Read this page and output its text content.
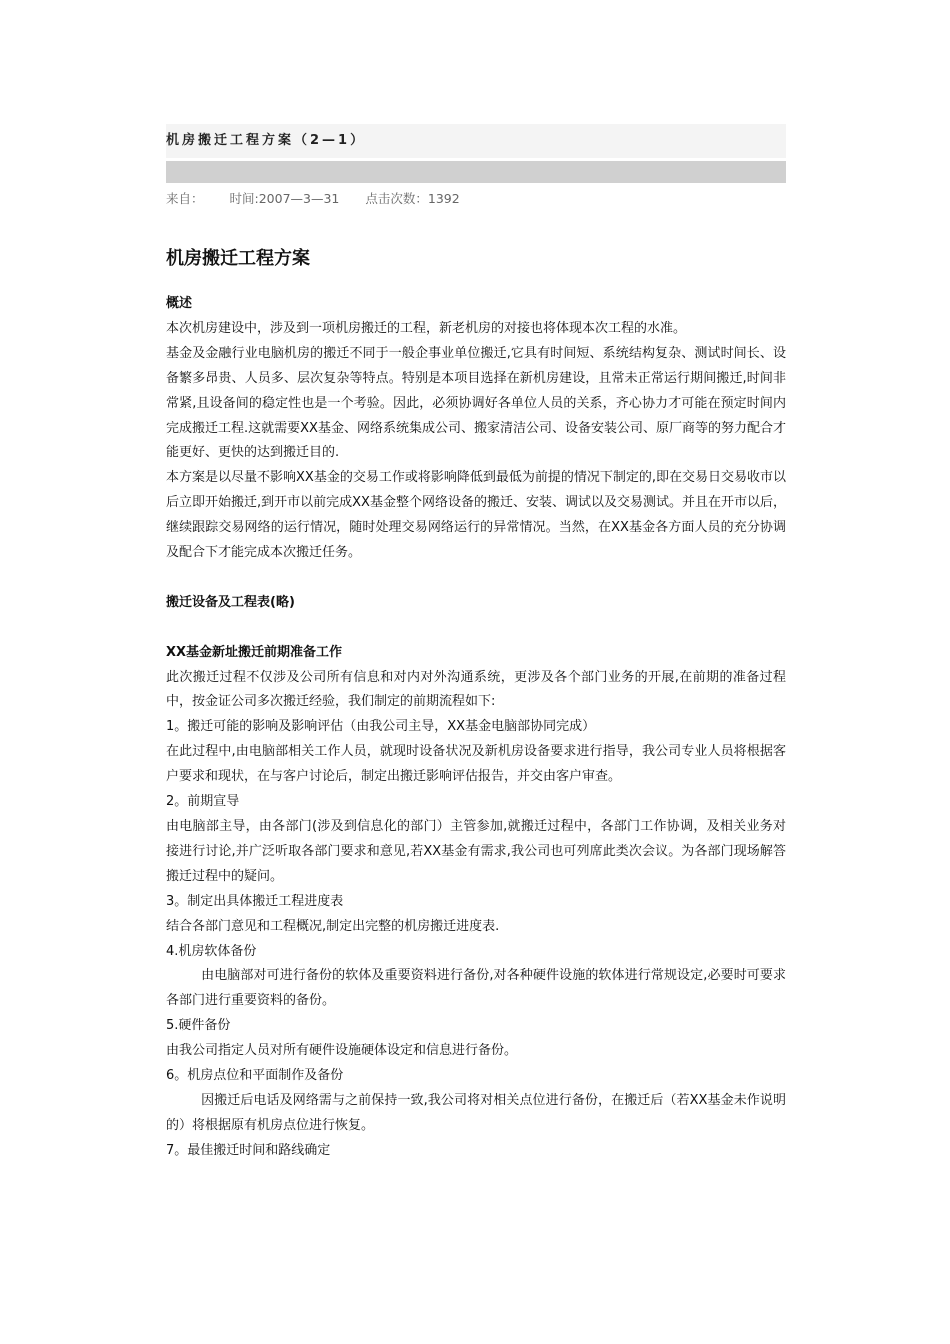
机房搬迁工程方案（2—1）
来自： 时间:2007—3—31 点击次数：1392
机房搬迁工程方案

概述

本次机房建设中，涉及到一项机房搬迁的工程，新老机房的对接也将体现本次工程的水准。

基金及金融行业电脑机房的搬迁不同于一般企事业单位搬迁,它具有时间短、系统结构复杂、测试时间长、设备繁多昂贵、人员多、层次复杂等特点。特别是本项目选择在新机房建设，且常未正常运行期间搬迁,时间非常紧,且设备间的稳定性也是一个考验。因此，必须协调好各单位人员的关系，齐心协力才可能在预定时间内完成搬迁工程.这就需要XX基金、网络系统集成公司、搬家清洁公司、设备安装公司、原厂商等的努力配合才能更好、更快的达到搬迁目的.

本方案是以尽量不影响XX基金的交易工作或将影响降低到最低为前提的情况下制定的,即在交易日交易收市以后立即开始搬迁,到开市以前完成XX基金整个网络设备的搬迁、安装、调试以及交易测试。并且在开市以后，继续跟踪交易网络的运行情况，随时处理交易网络运行的异常情况。当然，在XX基金各方面人员的充分协调及配合下才能完成本次搬迁任务。

搬迁设备及工程表(略)

XX基金新址搬迁前期准备工作

此次搬迁过程不仅涉及公司所有信息和对内对外沟通系统，更涉及各个部门业务的开展,在前期的准备过程中，按金证公司多次搬迁经验，我们制定的前期流程如下:

1。搬迁可能的影响及影响评估（由我公司主导，XX基金电脑部协同完成）

在此过程中,由电脑部相关工作人员，就现时设备状况及新机房设备要求进行指导，我公司专业人员将根据客户要求和现状，在与客户讨论后，制定出搬迁影响评估报告，并交由客户审查。

2。前期宣导

由电脑部主导，由各部门(涉及到信息化的部门）主管参加,就搬迁过程中，各部门工作协调，及相关业务对接进行讨论,并广泛听取各部门要求和意见,若XX基金有需求,我公司也可列席此类次会议。为各部门现场解答搬迁过程中的疑问。

3。制定出具体搬迁工程进度表

结合各部门意见和工程概况,制定出完整的机房搬迁进度表.

4.机房软体备份

由电脑部对可进行备份的软体及重要资料进行备份,对各种硬件设施的软体进行常规设定,必要时可要求各部门进行重要资料的备份。

5.硬件备份

由我公司指定人员对所有硬件设施硬体设定和信息进行备份。

6。机房点位和平面制作及备份

因搬迁后电话及网络需与之前保持一致,我公司将对相关点位进行备份，在搬迁后（若XX基金未作说明的）将根据原有机房点位进行恢复。

7。最佳搬迁时间和路线确定
